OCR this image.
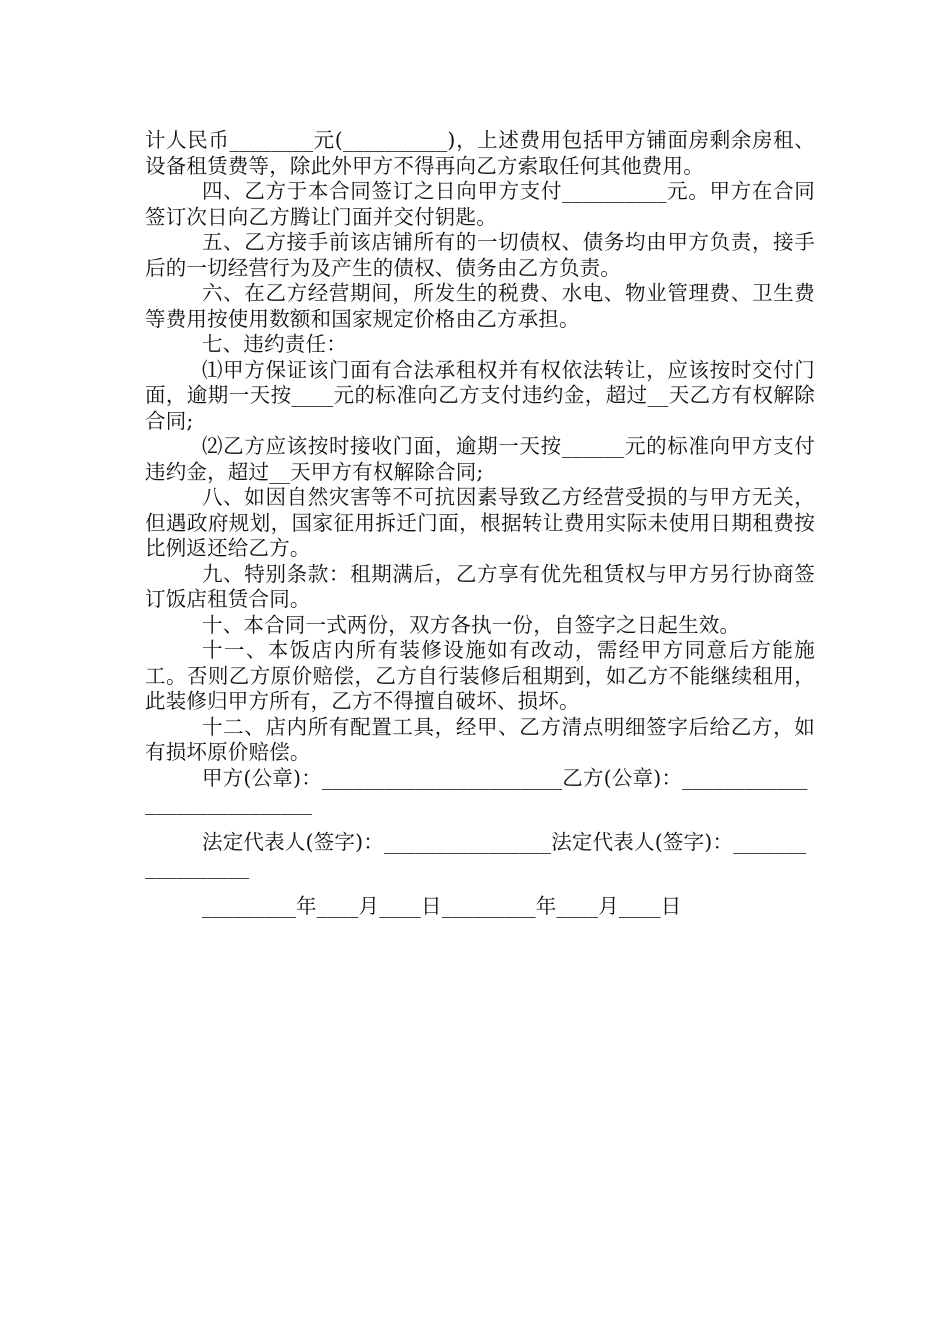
计人民币________元(__________)，上述费用包括甲方铺面房剩余房租、设备租赁费等，除此外甲方不得再向乙方索取任何其他费用。

四、乙方于本合同签订之日向甲方支付__________元。甲方在合同签订次日向乙方腾让门面并交付钥匙。

五、乙方接手前该店铺所有的一切债权、债务均由甲方负责，接手后的一切经营行为及产生的债权、债务由乙方负责。

六、在乙方经营期间，所发生的税费、水电、物业管理费、卫生费等费用按使用数额和国家规定价格由乙方承担。

七、违约责任：

⑴甲方保证该门面有合法承租权并有权依法转让，应该按时交付门面，逾期一天按____元的标准向乙方支付违约金，超过__天乙方有权解除合同;

⑵乙方应该按时接收门面，逾期一天按______元的标准向甲方支付违约金，超过__天甲方有权解除合同;

八、如因自然灾害等不可抗因素导致乙方经营受损的与甲方无关，但遇政府规划，国家征用拆迁门面，根据转让费用实际未使用日期租费按比例返还给乙方。

九、特别条款：租期满后，乙方享有优先租赁权与甲方另行协商签订饭店租赁合同。

十、本合同一式两份，双方各执一份，自签字之日起生效。

十一、本饭店内所有装修设施如有改动，需经甲方同意后方能施工。否则乙方原价赔偿，乙方自行装修后租期到，如乙方不能继续租用，此装修归甲方所有，乙方不得擅自破坏、损坏。

十二、店内所有配置工具，经甲、乙方清点明细签字后给乙方，如有损坏原价赔偿。

甲方(公章)：_______________________乙方(公章)：____________________________

法定代表人(签字)：________________法定代表人(签字)：_________________

_________年____月____日_________年____月____日
